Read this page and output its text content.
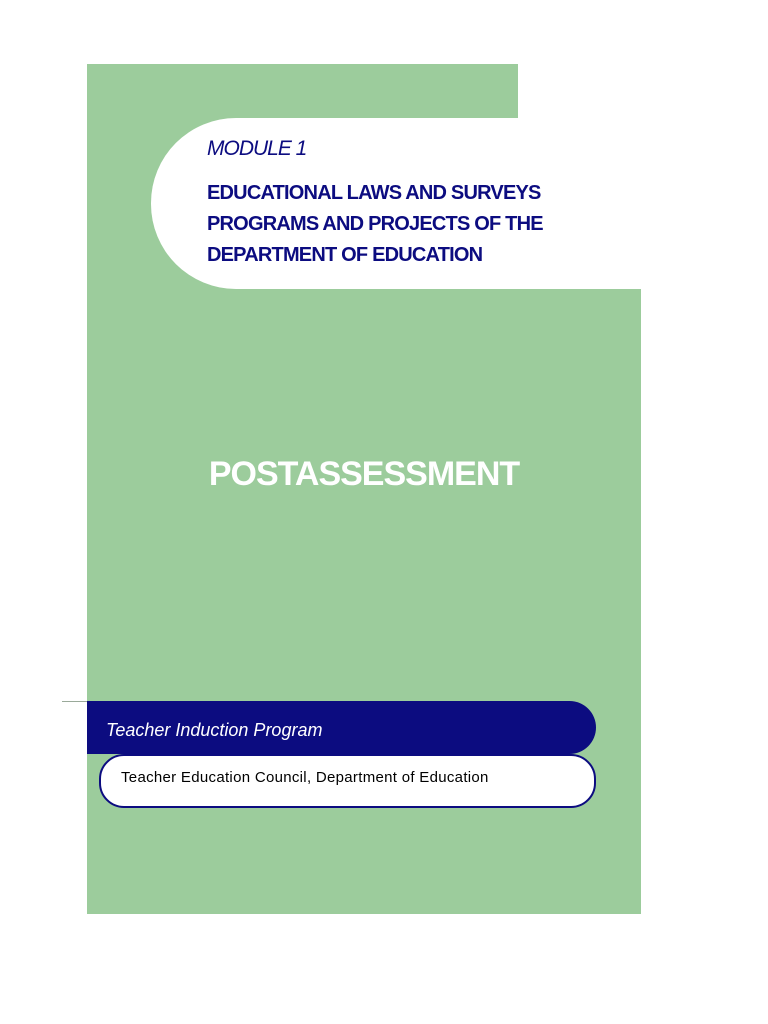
MODULE 1

EDUCATIONAL LAWS AND SURVEYS
PROGRAMS AND PROJECTS OF THE
DEPARTMENT OF EDUCATION
POSTASSESSMENT

Teacher Induction Program

Teacher Education Council, Department of Education
